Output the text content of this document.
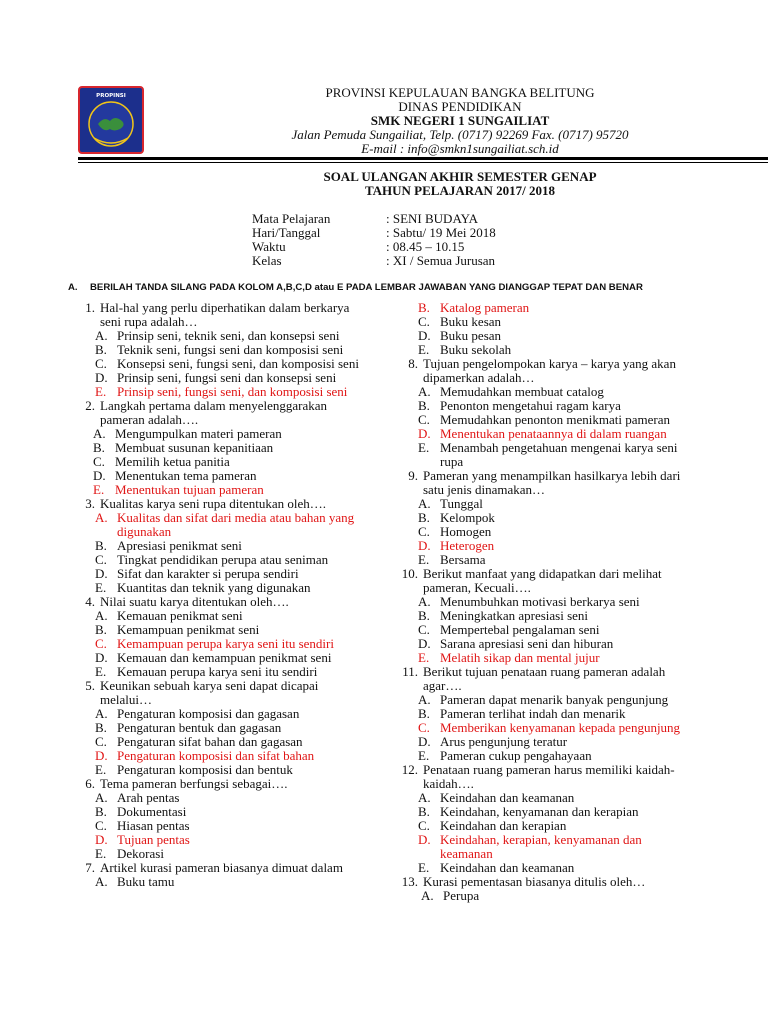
PROPINSI	PROVINSI KEPULAUAN BANGKA BELITUNG
DINAS PENDIDIKAN
SMK NEGERI 1 SUNGAILIAT
Jalan Pemuda Sungailiat, Telp. (0717) 92269 Fax. (0717) 95720
E-mail : info@smkn1sungailiat.sch.id
SOAL ULANGAN AKHIR SEMESTER GENAP
TAHUN PELAJARAN 2017/ 2018
Mata Pelajaran	: SENI BUDAYA
Hari/Tanggal	: Sabtu/ 19 Mei 2018
Waktu	: 08.45 – 10.15
Kelas	: XI / Semua Jurusan
A. BERILAH TANDA SILANG PADA KOLOM A,B,C,D atau E PADA LEMBAR JAWABAN YANG DIANGGAP TEPAT DAN BENAR
1. Hal-hal yang perlu diperhatikan dalam berkarya seni rupa adalah…
A. Prinsip seni, teknik seni, dan konsepsi seni
B. Teknik seni, fungsi seni dan komposisi seni
C. Konsepsi seni, fungsi seni, dan komposisi seni
D. Prinsip seni, fungsi seni dan konsepsi seni
E. Prinsip seni, fungsi seni, dan komposisi seni
2. Langkah pertama dalam menyelenggarakan pameran adalah….
A. Mengumpulkan materi pameran
B. Membuat susunan kepanitiaan
C. Memilih ketua panitia
D. Menentukan tema pameran
E. Menentukan tujuan pameran
3. Kualitas karya seni rupa ditentukan oleh….
A. Kualitas dan sifat dari media atau bahan yang digunakan
B. Apresiasi penikmat seni
C. Tingkat pendidikan perupa atau seniman
D. Sifat dan karakter si perupa sendiri
E. Kuantitas dan teknik yang digunakan
4. Nilai suatu karya ditentukan oleh….
A. Kemauan penikmat seni
B. Kemampuan penikmat seni
C. Kemampuan perupa karya seni itu sendiri
D. Kemauan dan kemampuan penikmat seni
E. Kemauan perupa karya seni itu sendiri
5. Keunikan sebuah karya seni dapat dicapai melalui…
A. Pengaturan komposisi dan gagasan
B. Pengaturan bentuk dan gagasan
C. Pengaturan sifat bahan dan gagasan
D. Pengaturan komposisi dan sifat bahan
E. Pengaturan komposisi dan bentuk
6. Tema pameran berfungsi sebagai….
A. Arah pentas
B. Dokumentasi
C. Hiasan pentas
D. Tujuan pentas
E. Dekorasi
7. Artikel kurasi pameran biasanya dimuat dalam
A. Buku tamu
B. Katalog pameran
C. Buku kesan
D. Buku pesan
E. Buku sekolah
8. Tujuan pengelompokan karya – karya yang akan dipamerkan adalah…
A. Memudahkan membuat catalog
B. Penonton mengetahui ragam karya
C. Memudahkan penonton menikmati pameran
D. Menentukan penataannya di dalam ruangan
E. Menambah pengetahuan mengenai karya seni rupa
9. Pameran yang menampilkan hasilkarya lebih dari satu jenis dinamakan…
A. Tunggal
B. Kelompok
C. Homogen
D. Heterogen
E. Bersama
10. Berikut manfaat yang didapatkan dari melihat pameran, Kecuali….
A. Menumbuhkan motivasi berkarya seni
B. Meningkatkan apresiasi seni
C. Mempertebal pengalaman seni
D. Sarana apresiasi seni dan hiburan
E. Melatih sikap dan mental jujur
11. Berikut tujuan penataan ruang pameran adalah agar….
A. Pameran dapat menarik banyak pengunjung
B. Pameran terlihat indah dan menarik
C. Memberikan kenyamanan kepada pengunjung
D. Arus pengunjung teratur
E. Pameran cukup pengahayaan
12. Penataan ruang pameran harus memiliki kaidah-kaidah….
A. Keindahan dan keamanan
B. Keindahan, kenyamanan dan kerapian
C. Keindahan dan kerapian
D. Keindahan, kerapian, kenyamanan dan keamanan
E. Keindahan dan keamanan
13. Kurasi pementasan biasanya ditulis oleh…
A. Perupa
